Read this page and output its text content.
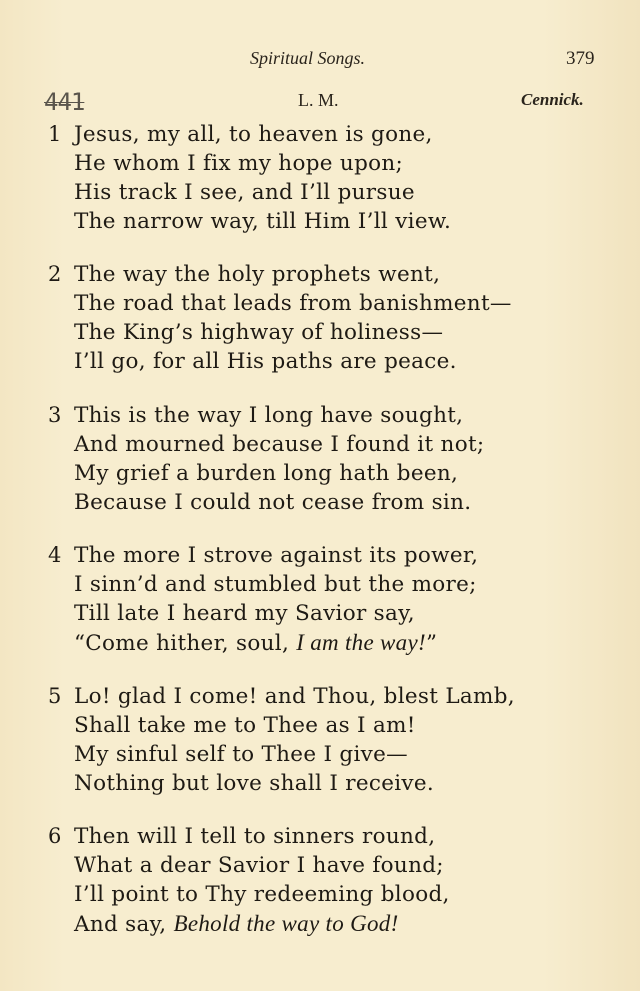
Spiritual Songs.	379
441	L. M.	Cennick.
1 Jesus, my all, to heaven is gone,
He whom I fix my hope upon;
His track I see, and I’ll pursue
The narrow way, till Him I’ll view.
2 The way the holy prophets went,
The road that leads from banishment—
The King’s highway of holiness—
I’ll go, for all His paths are peace.
3 This is the way I long have sought,
And mourned because I found it not;
My grief a burden long hath been,
Because I could not cease from sin.
4 The more I strove against its power,
I sinn’d and stumbled but the more;
Till late I heard my Savior say,
“Come hither, soul, I am the way!”
5 Lo! glad I come! and Thou, blest Lamb,
Shall take me to Thee as I am!
My sinful self to Thee I give—
Nothing but love shall I receive.
6 Then will I tell to sinners round,
What a dear Savior I have found;
I’ll point to Thy redeeming blood,
And say, Behold the way to God!
